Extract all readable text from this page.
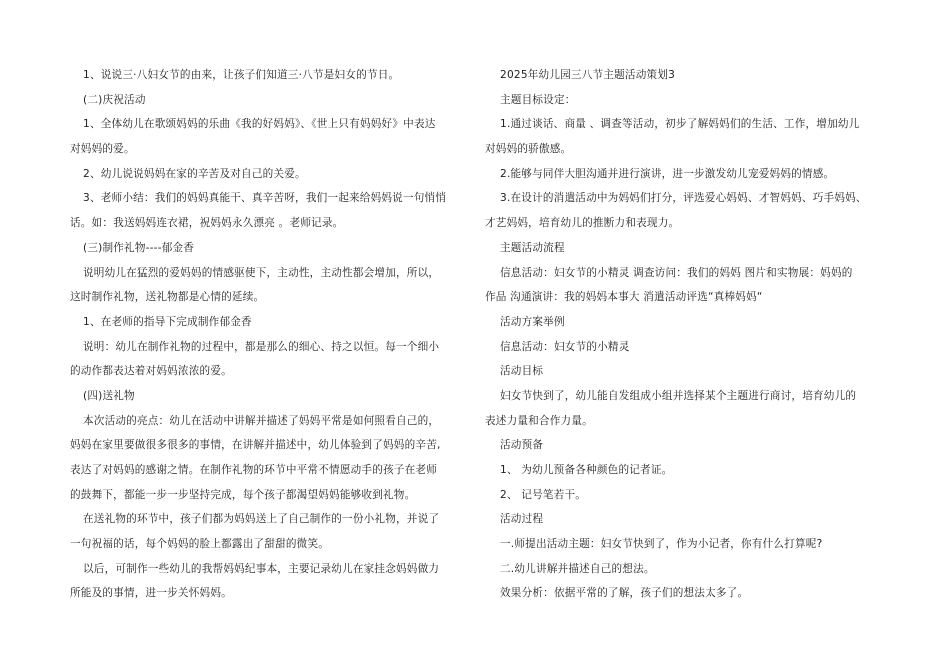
1、说说三·八妇女节的由来，让孩子们知道三·八节是妇女的节日。
(二)庆祝活动
1、全体幼儿在歌颂妈妈的乐曲《我的好妈妈》、《世上只有妈妈好》中表达
对妈妈的爱。
2、幼儿说说妈妈在家的辛苦及对自己的关爱。
3、老师小结：我们的妈妈真能干、真辛苦呀，我们一起来给妈妈说一句悄悄
话。如：我送妈妈连衣裙，祝妈妈永久漂亮 。老师记录。
(三)制作礼物----郁金香
说明幼儿在猛烈的爱妈妈的情感驱使下，主动性，主动性都会增加，所以，
这时制作礼物，送礼物都是心情的延续。
1、在老师的指导下完成制作郁金香
说明：幼儿在制作礼物的过程中，都是那么的细心、持之以恒。每一个细小
的动作都表达着对妈妈浓浓的爱。
(四)送礼物
本次活动的亮点：幼儿在活动中讲解并描述了妈妈平常是如何照看自己的，
妈妈在家里要做很多很多的事情，在讲解并描述中，幼儿体验到了妈妈的辛苦,
表达了对妈妈的感谢之情。在制作礼物的环节中平常不情愿动手的孩子在老师
的鼓舞下，都能一步一步坚持完成，每个孩子都渴望妈妈能够收到礼物。
在送礼物的环节中，孩子们都为妈妈送上了自己制作的一份小礼物，并说了
一句祝福的话，每个妈妈的脸上都露出了甜甜的微笑。
以后，可制作一些幼儿的我帮妈妈纪事本，主要记录幼儿在家挂念妈妈做力
所能及的事情，进一步关怀妈妈。
2025年幼儿园三八节主题活动策划3
主题目标设定：
1.通过谈话、商量 、调查等活动，初步了解妈妈们的生活、工作，增加幼儿
对妈妈的骄傲感。
2.能够与同伴大胆沟通并进行演讲，进一步激发幼儿宠爱妈妈的情感。
3.在设计的消遣活动中为妈妈们打分，评选爱心妈妈、才智妈妈、巧手妈妈、
才艺妈妈，培育幼儿的推断力和表现力。
主题活动流程
信息活动：妇女节的小精灵 调查访问：我们的妈妈 图片和实物展：妈妈的
作品 沟通演讲：我的妈妈本事大 消遣活动评选“真棒妈妈“
活动方案举例
信息活动：妇女节的小精灵
活动目标
妇女节快到了，幼儿能自发组成小组并选择某个主题进行商讨，培育幼儿的
表述力量和合作力量。
活动预备
1、 为幼儿预备各种颜色的记者证。
2、 记号笔若干。
活动过程
一.师提出活动主题：妇女节快到了，作为小记者，你有什么打算呢?
二.幼儿讲解并描述自己的想法。
效果分析：依据平常的了解，孩子们的想法太多了。
